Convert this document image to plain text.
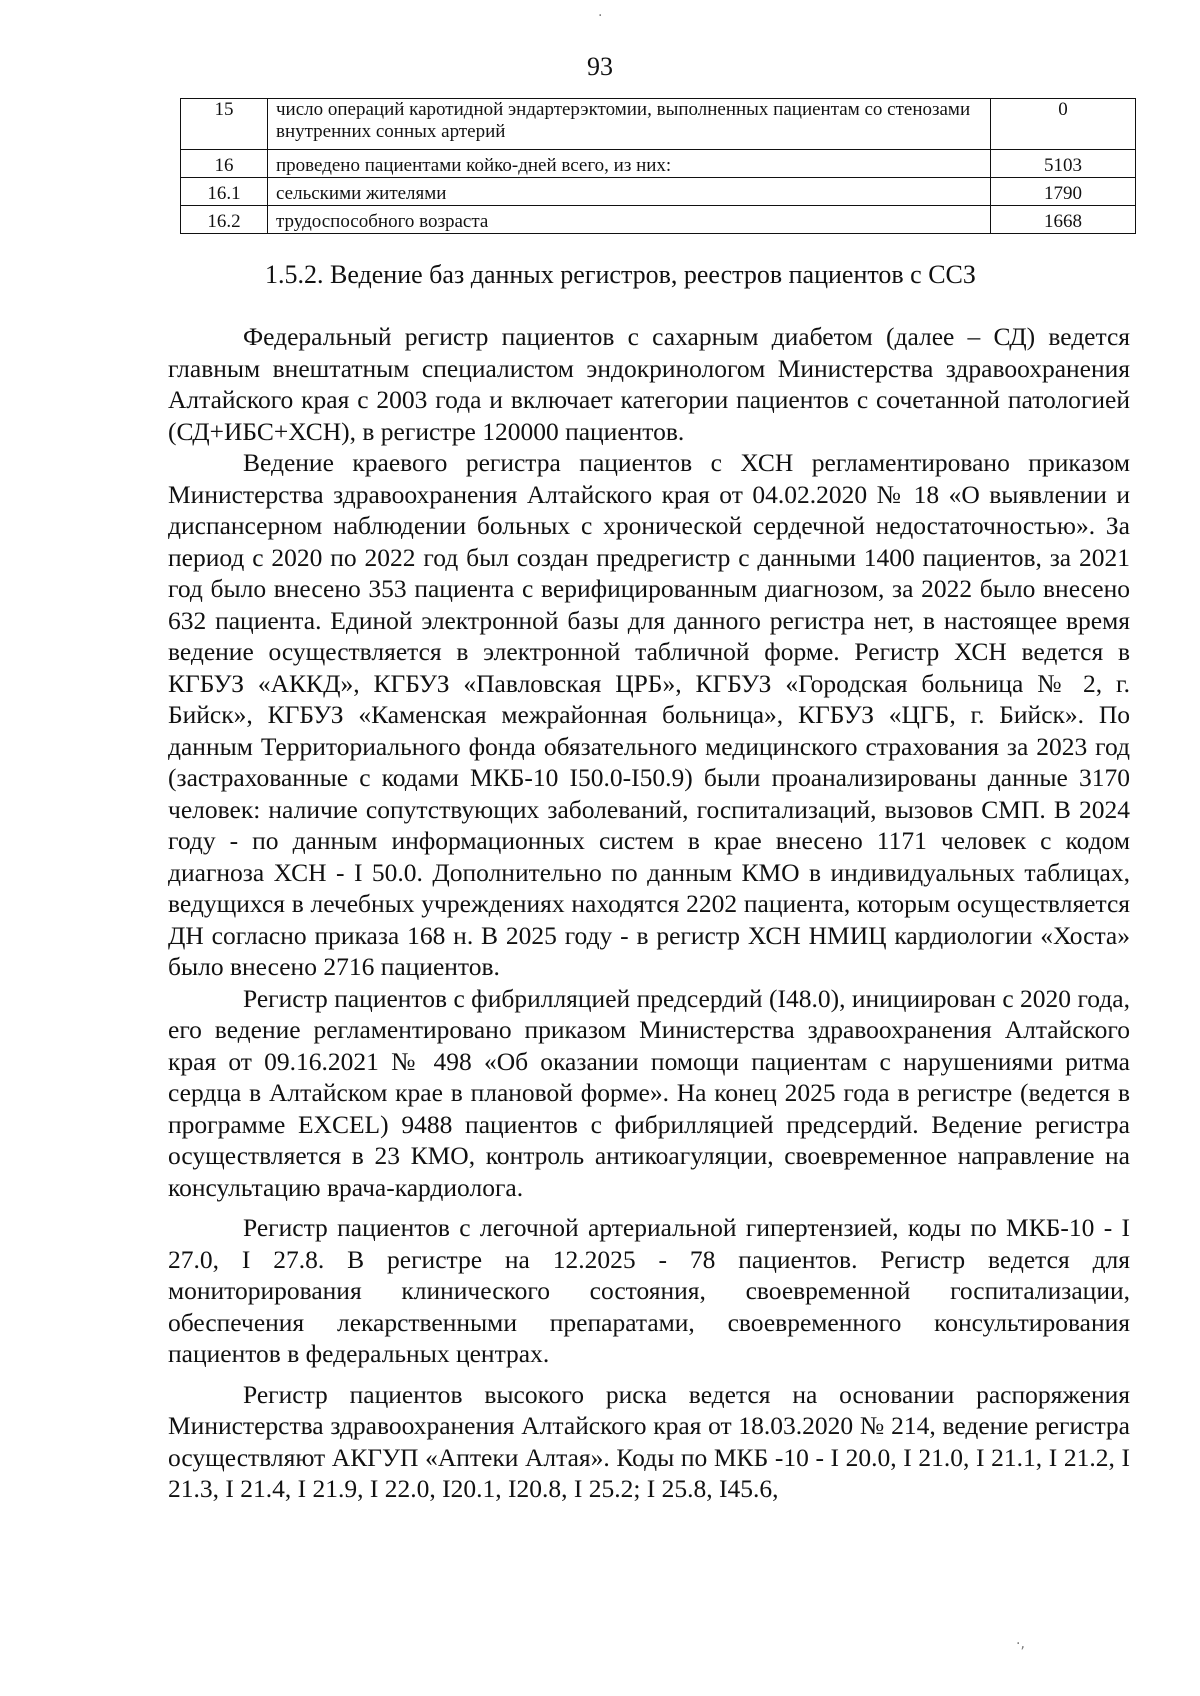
93
15	число операций каротидной эндартерэктомии, выполненных пациентам со стенозами внутренних сонных артерий	0
16	проведено пациентами койко-дней всего, из них:	5103
16.1	сельскими жителями	1790
16.2	трудоспособного возраста	1668
1.5.2. Ведение баз данных регистров, реестров пациентов с ССЗ

Федеральный регистр пациентов с сахарным диабетом (далее – СД) ведется главным внештатным специалистом эндокринологом Министерства здравоохранения Алтайского края с 2003 года и включает категории пациентов с сочетанной патологией (СД+ИБС+ХСН), в регистре 120000 пациентов.

Ведение краевого регистра пациентов с ХСН регламентировано приказом Министерства здравоохранения Алтайского края от 04.02.2020 № 18 «О выявлении и диспансерном наблюдении больных с хронической сердечной недостаточностью». За период с 2020 по 2022 год был создан предрегистр с данными 1400 пациентов, за 2021 год было внесено 353 пациента с верифицированным диагнозом, за 2022 было внесено 632 пациента. Единой электронной базы для данного регистра нет, в настоящее время ведение осуществляется в электронной табличной форме. Регистр ХСН ведется в КГБУЗ «АККД», КГБУЗ «Павловская ЦРБ», КГБУЗ «Городская больница № 2, г. Бийск», КГБУЗ «Каменская межрайонная больница», КГБУЗ «ЦГБ, г. Бийск». По данным Территориального фонда обязательного медицинского страхования за 2023 год (застрахованные с кодами МКБ-10 I50.0-I50.9) были проанализированы данные 3170 человек: наличие сопутствующих заболеваний, госпитализаций, вызовов СМП. В 2024 году - по данным информационных систем в крае внесено 1171 человек с кодом диагноза ХСН - I 50.0. Дополнительно по данным КМО в индивидуальных таблицах, ведущихся в лечебных учреждениях находятся 2202 пациента, которым осуществляется ДН согласно приказа 168 н. В 2025 году - в регистр ХСН НМИЦ кардиологии «Хоста» было внесено 2716 пациентов.

Регистр пациентов с фибрилляцией предсердий (I48.0), инициирован с 2020 года, его ведение регламентировано приказом Министерства здравоохранения Алтайского края от 09.16.2021 № 498 «Об оказании помощи пациентам с нарушениями ритма сердца в Алтайском крае в плановой форме». На конец 2025 года в регистре (ведется в программе EXCEL) 9488 пациентов с фибрилляцией предсердий. Ведение регистра осуществляется в 23 КМО, контроль антикоагуляции, своевременное направление на консультацию врача-кардиолога.

Регистр пациентов с легочной артериальной гипертензией, коды по МКБ-10 - I 27.0, I 27.8. В регистре на 12.2025 - 78 пациентов. Регистр ведется для мониторирования клинического состояния, своевременной госпитализации, обеспечения лекарственными препаратами, своевременного консультирования пациентов в федеральных центрах.

Регистр пациентов высокого риска ведется на основании распоряжения Министерства здравоохранения Алтайского края от 18.03.2020 № 214, ведение регистра осуществляют АКГУП «Аптеки Алтая». Коды по МКБ -10 - I 20.0, I 21.0, I 21.1, I 21.2, I 21.3, I 21.4, I 21.9, I 22.0, I20.1, I20.8, I 25.2; I 25.8, I45.6,

·
·,
